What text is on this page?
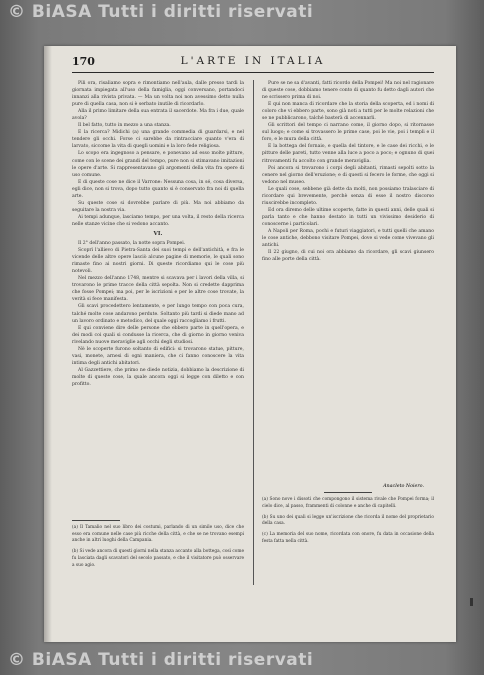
© BiASA Tutti i diritti riservati
170	L'ARTE IN ITALIA

Pili ora, risaliamo sopra e rimontiamo nell'aula, dalle presso tardi la giornata impiegata all'uso della famiglia, oggi conversano, portandoci innanzi alla rivista privata. — Ma un volta noi non avessimo detto nulla pure di quella casa, non si è serbato inutile di ricordarlo.

Alla il primo limitare della sua entrata il sacerdote. Ma fra i due, quale avola?

Il bel fatto, tutto in mezzo a una stanza.

E la ricerca? Midichi (a) una grande commedia di guardarsi, e nel tendere gli occhi. Forse ci sarebbe da rintracciare quanto v'era di larvato, siccome la vita di quegli uomini e la loro fede religiosa.

Lo scopo era ingegnoso a pensare, e ponevano ad esso molte pitture, come con le scene dei grandi del tempo, pure non si stimavano imitazioni le opere d'arte. Si rappresentavano gli argomenti della vita fra opere di uso comune.

E di queste cose ne dice il Varrone: Nessuna cosa, in sé, cosa diversa, egli dice, non si trova, dopo tutto quanto si è conservato fra noi di quella arte.

Su queste cose si dovrebbe parlare di più. Ma noi abbiamo da seguitare la nostra via.

Ai tempi adunque, lasciamo tempo, per una volta, il resto della ricerca nelle stanze vicine che si vedono accanto.

VI.

Il 2° dell'anno passato, la notte sopra Pompei.

Scoprì l'allievo di Pietra-Santa dei suoi tempi e dell'antichità, e fra le vicende delle altre opere lasciò alcune pagine di memorie, le quali sono rimaste fino ai nostri giorni. Di queste ricordiamo qui le cose più notevoli.

Nel mezzo dell'anno 1748, mentre si scavava per i lavori della villa, si trovarono le prime tracce della città sepolta. Non si credette dapprima che fosse Pompei; ma poi, per le iscrizioni e per le altre cose trovate, la verità si fece manifesta.

Gli scavi procedettero lentamente, e per lungo tempo con poca cura, talché molte cose andarono perdute. Soltanto più tardi si diede mano ad un lavoro ordinato e metodico, del quale oggi raccogliamo i frutti.

E qui conviene dire delle persone che ebbero parte in quell'opera, e dei modi coi quali si condusse la ricerca, che di giorno in giorno veniva rivelando nuove meraviglie agli occhi degli studiosi.

Nè le scoperte furono soltanto di edifici: si trovarono statue, pitture, vasi, monete, arnesi di ogni maniera, che ci fanno conoscere la vita intima degli antichi abitatori.

Al Gazzettiere, che primo ne diede notizia, dobbiamo la descrizione di molte di queste cose, la quale ancora oggi si legge con diletto e con profitto.

Pure se ne sa d'avanti, fatti ricordo della Pompei! Ma noi nel ragionare di queste cose, dobbiamo tenere conto di quanto fu detto dagli autori che ne scrissero prima di noi.

E qui non manca di ricordare che la storia della scoperta, ed i nomi di coloro che vi ebbero parte, sono già noti a tutti per le molte relazioni che se ne pubblicarono, talché basterà di accennarli.

Gli scrittori del tempo ci narrano come, il giorno dopo, si ritornasse sul luogo; e come si trovassero le prime case, poi le vie, poi i templi e il foro, e le mura della città.

E la bottega del fornaio, e quella del tintore, e le case dei ricchi, e le pitture delle pareti, tutto venne alla luce a poco a poco; e ognuno di quei ritrovamenti fu accolto con grande meraviglia.

Poi ancora si trovarono i corpi degli abitanti, rimasti sepolti sotto la cenere nel giorno dell'eruzione; e di questi si fecero le forme, che oggi si vedono nel museo.

Le quali cose, sebbene già dette da molti, non possiamo tralasciare di ricordare qui brevemente, perchè senza di esse il nostro discorso riuscirebbe incompleto.

Ed ora diremo delle ultime scoperte, fatte in questi anni, delle quali si parla tanto e che hanno destato in tutti un vivissimo desiderio di conoscerne i particolari.

A Napoli per Roma, pochi e futuri viaggiatori, e tutti quelli che amano le cose antiche, debbono visitare Pompei, dove si vede come vivevano gli antichi.

Il 22 giugno, di cui noi ora abbiamo da ricordare, gli scavi giunsero fino alle porte della città.

(a) Il Tamalio nel suo libro dei costumi, parlando di un simile uso, dice che esso era comune nelle case più ricche della città, e che se ne trovano esempi anche in altri luoghi della Campania.

(b) Si vede ancora di questi giorni nella stanza accanto alla bottega, così come fu lasciata dagli scavatori del secolo passato, e che il visitatore può osservare a suo agio.

Anacleto Noiero.

(a) Sono nove i dissoti che compongono il sistema rivale che Pompei forma; il cielo dice, al passo, frammenti di colonne e anche di capitelli.

(b) Su uno dei quali si legge un'iscrizione che ricorda il nome del proprietario della casa.

(c) La memoria del suo nome, ricordata con onore, fu data in occasione della festa fatta nella città.

© BiASA Tutti i diritti riservati
